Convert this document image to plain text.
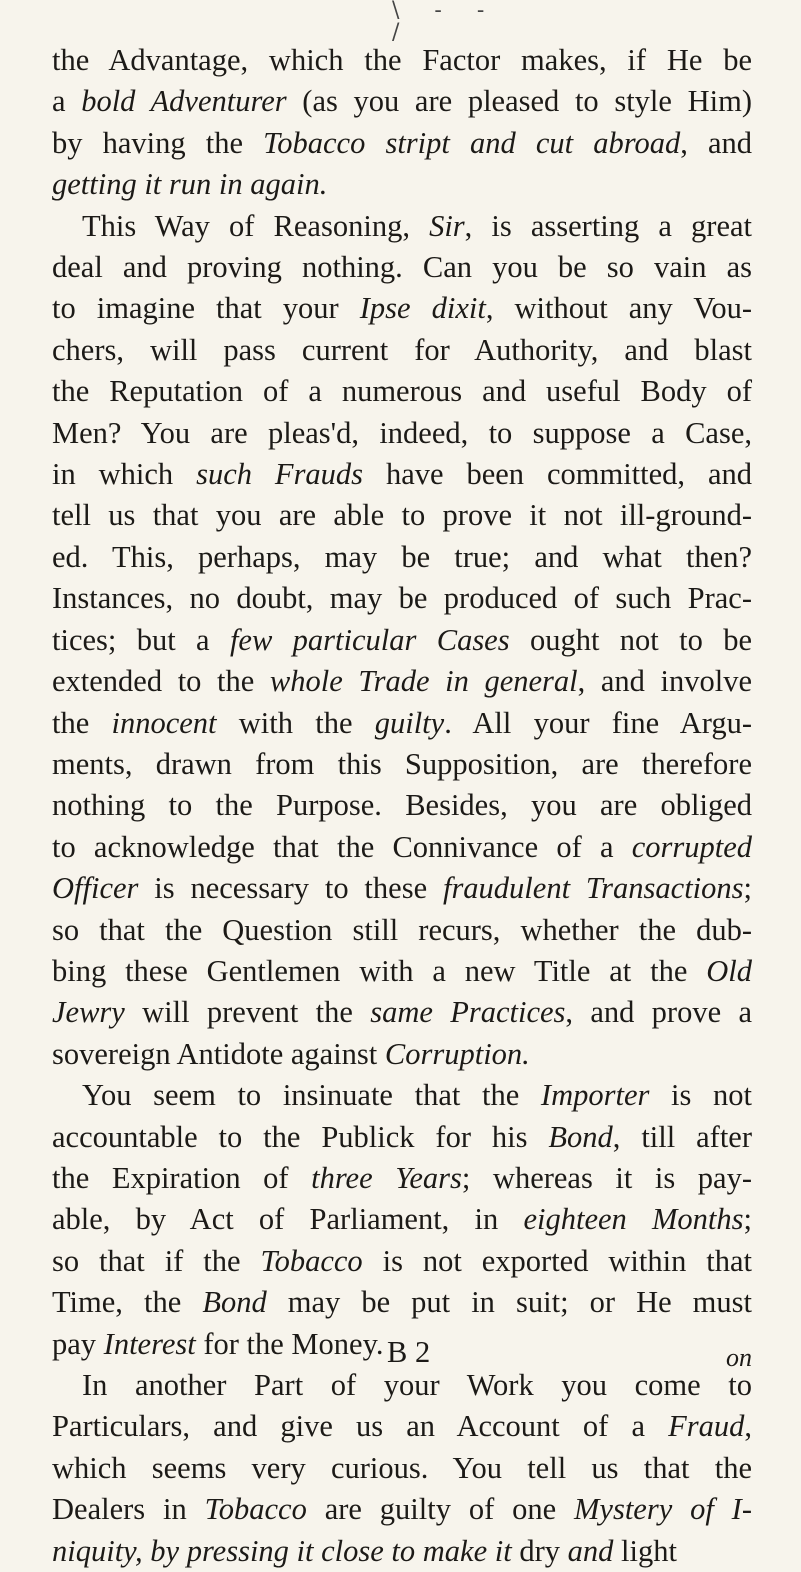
\ - - /
the Advantage, which the Factor makes, if He be
a bold Adventurer (as you are pleased to style Him)
by having the Tobacco stript and cut abroad, and
getting it run in again.
This Way of Reasoning, Sir, is asserting a great
deal and proving nothing. Can you be so vain as
to imagine that your Ipse dixit, without any Vou-
chers, will pass current for Authority, and blast
the Reputation of a numerous and useful Body of
Men? You are pleas'd, indeed, to suppose a Case,
in which such Frauds have been committed, and
tell us that you are able to prove it not ill-ground-
ed. This, perhaps, may be true; and what then?
Instances, no doubt, may be produced of such Prac-
tices; but a few particular Cases ought not to be
extended to the whole Trade in general, and involve
the innocent with the guilty. All your fine Argu-
ments, drawn from this Supposition, are therefore
nothing to the Purpose. Besides, you are obliged
to acknowledge that the Connivance of a corrupted
Officer is necessary to these fraudulent Transactions;
so that the Question still recurs, whether the dub-
bing these Gentlemen with a new Title at the Old
Jewry will prevent the same Practices, and prove a
sovereign Antidote against Corruption.
You seem to insinuate that the Importer is not
accountable to the Publick for his Bond, till after
the Expiration of three Years; whereas it is pay-
able, by Act of Parliament, in eighteen Months;
so that if the Tobacco is not exported within that
Time, the Bond may be put in suit; or He must
pay Interest for the Money.
In another Part of your Work you come to
Particulars, and give us an Account of a Fraud,
which seems very curious. You tell us that the
Dealers in Tobacco are guilty of one Mystery of I-
niquity, by pressing it close to make it dry and light
B 2	on
